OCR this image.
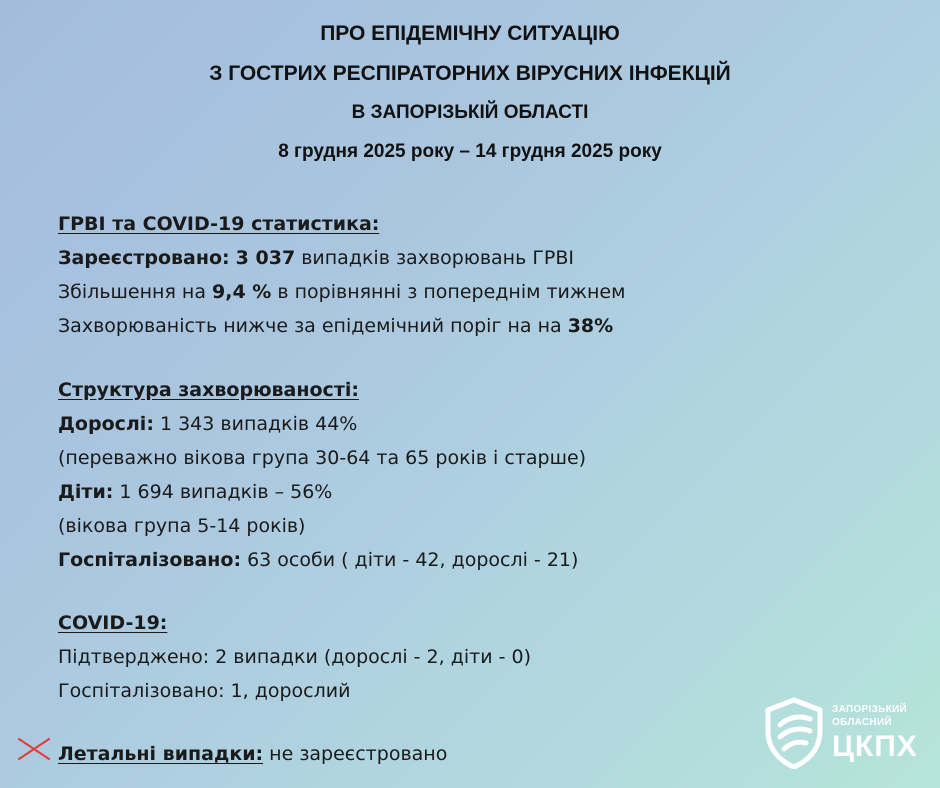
ПРО ЕПІДЕМІЧНУ СИТУАЦІЮ
З ГОСТРИХ РЕСПІРАТОРНИХ ВІРУСНИХ ІНФЕКЦІЙ
В ЗАПОРІЗЬКІЙ ОБЛАСТІ
8 грудня 2025 року – 14 грудня 2025 року
ГРВІ та COVID-19 статистика:
Зареєстровано: 3 037 випадків захворювань ГРВІ
Збільшення на 9,4 % в порівнянні з попереднім тижнем
Захворюваність нижче за епідемічний поріг на на 38%
Структура захворюваності:
Дорослі: 1 343 випадків 44%
(переважно вікова група 30-64 та 65 років і старше)
Діти: 1 694 випадків – 56%
(вікова група 5-14 років)
Госпіталізовано: 63 особи ( діти - 42, дорослі - 21)
COVID-19:
Підтверджено: 2 випадки (дорослі - 2, діти - 0)
Госпіталізовано: 1, дорослий
Летальні випадки: не зареєстровано
ЗАПОРІЗЬКИЙ
ОБЛАСНИЙ
ЦКПХ
